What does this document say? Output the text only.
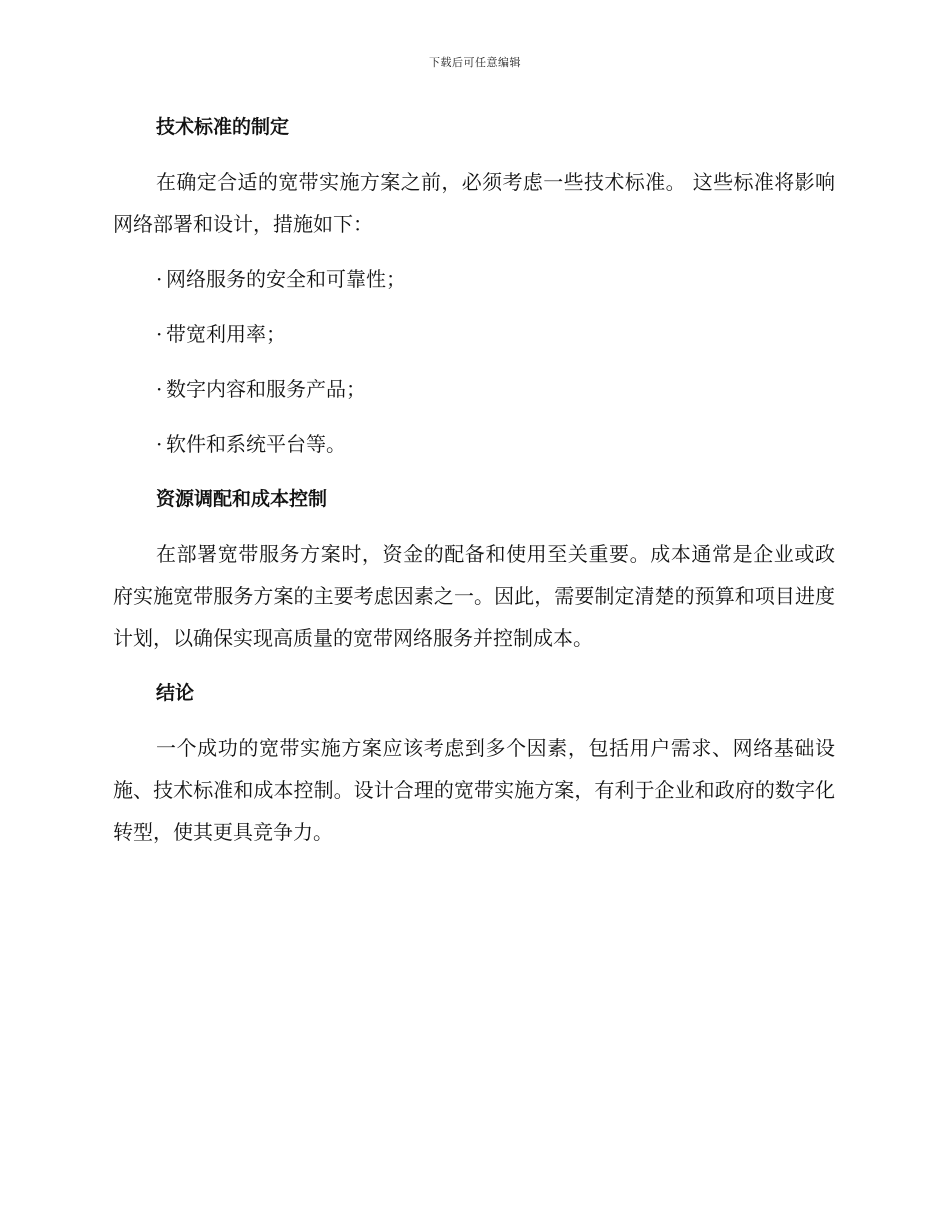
下载后可任意编辑
技术标准的制定

在确定合适的宽带实施方案之前，必须考虑一些技术标准。 这些标准将影响网络部署和设计，措施如下：

· 网络服务的安全和可靠性；
· 带宽利用率；
· 数字内容和服务产品；
· 软件和系统平台等。
资源调配和成本控制

在部署宽带服务方案时，资金的配备和使用至关重要。成本通常是企业或政府实施宽带服务方案的主要考虑因素之一。因此，需要制定清楚的预算和项目进度计划，以确保实现高质量的宽带网络服务并控制成本。

结论

一个成功的宽带实施方案应该考虑到多个因素，包括用户需求、网络基础设施、技术标准和成本控制。设计合理的宽带实施方案，有利于企业和政府的数字化转型，使其更具竞争力。
